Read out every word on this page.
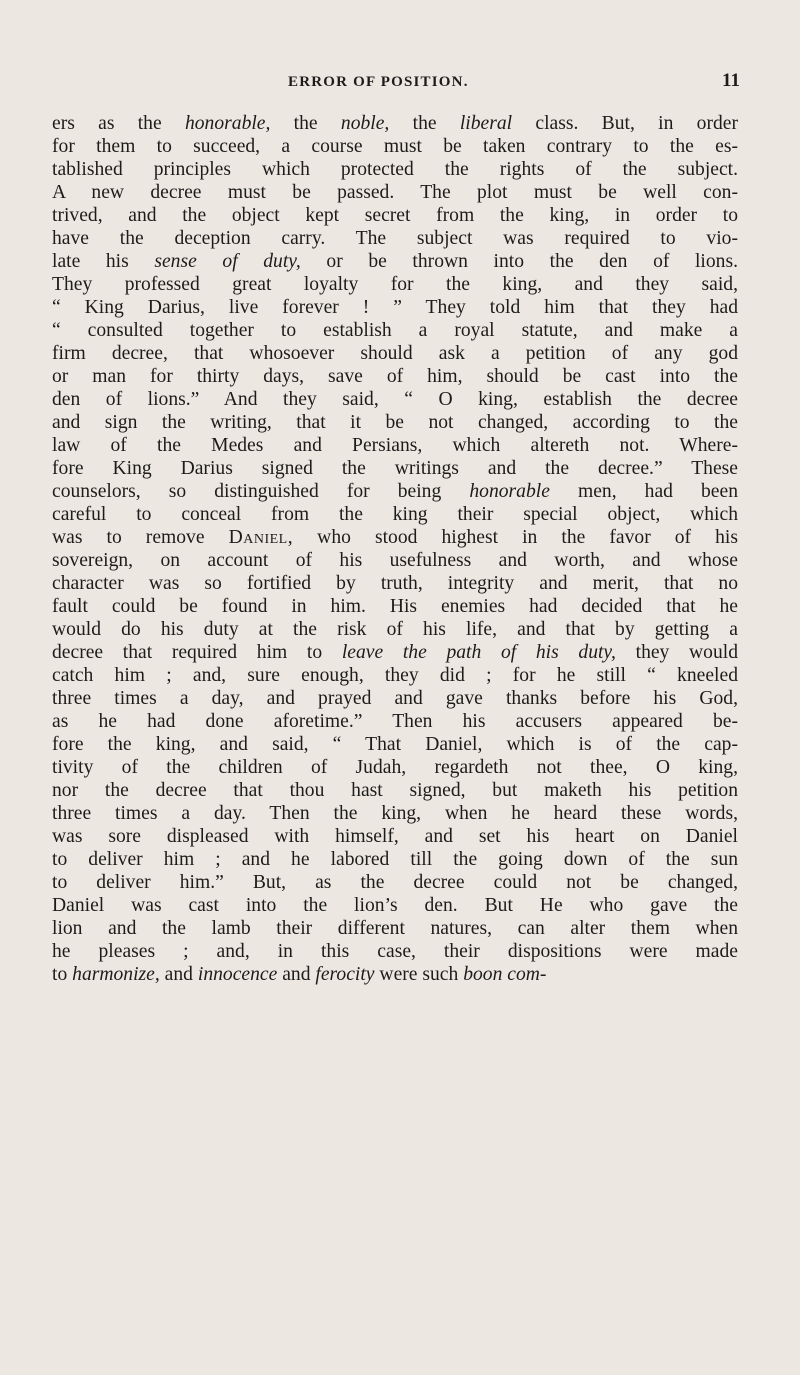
ERROR OF POSITION.	11
ers as the honorable, the noble, the liberal class. But, in order
for them to succeed, a course must be taken contrary to the es-
tablished principles which protected the rights of the subject.
A new decree must be passed. The plot must be well con-
trived, and the object kept secret from the king, in order to
have the deception carry. The subject was required to vio-
late his sense of duty, or be thrown into the den of lions.
They professed great loyalty for the king, and they said,
“ King Darius, live forever ! ” They told him that they had
“ consulted together to establish a royal statute, and make a
firm decree, that whosoever should ask a petition of any god
or man for thirty days, save of him, should be cast into the
den of lions.” And they said, “ O king, establish the decree
and sign the writing, that it be not changed, according to the
law of the Medes and Persians, which altereth not. Where-
fore King Darius signed the writings and the decree.” These
counselors, so distinguished for being honorable men, had been
careful to conceal from the king their special object, which
was to remove Daniel, who stood highest in the favor of his
sovereign, on account of his usefulness and worth, and whose
character was so fortified by truth, integrity and merit, that no
fault could be found in him. His enemies had decided that he
would do his duty at the risk of his life, and that by getting a
decree that required him to leave the path of his duty, they would
catch him ; and, sure enough, they did ; for he still “ kneeled
three times a day, and prayed and gave thanks before his God,
as he had done aforetime.” Then his accusers appeared be-
fore the king, and said, “ That Daniel, which is of the cap-
tivity of the children of Judah, regardeth not thee, O king,
nor the decree that thou hast signed, but maketh his petition
three times a day. Then the king, when he heard these words,
was sore displeased with himself, and set his heart on Daniel
to deliver him ; and he labored till the going down of the sun
to deliver him.” But, as the decree could not be changed,
Daniel was cast into the lion’s den. But He who gave the
lion and the lamb their different natures, can alter them when
he pleases ; and, in this case, their dispositions were made
to harmonize, and innocence and ferocity were such boon com-
